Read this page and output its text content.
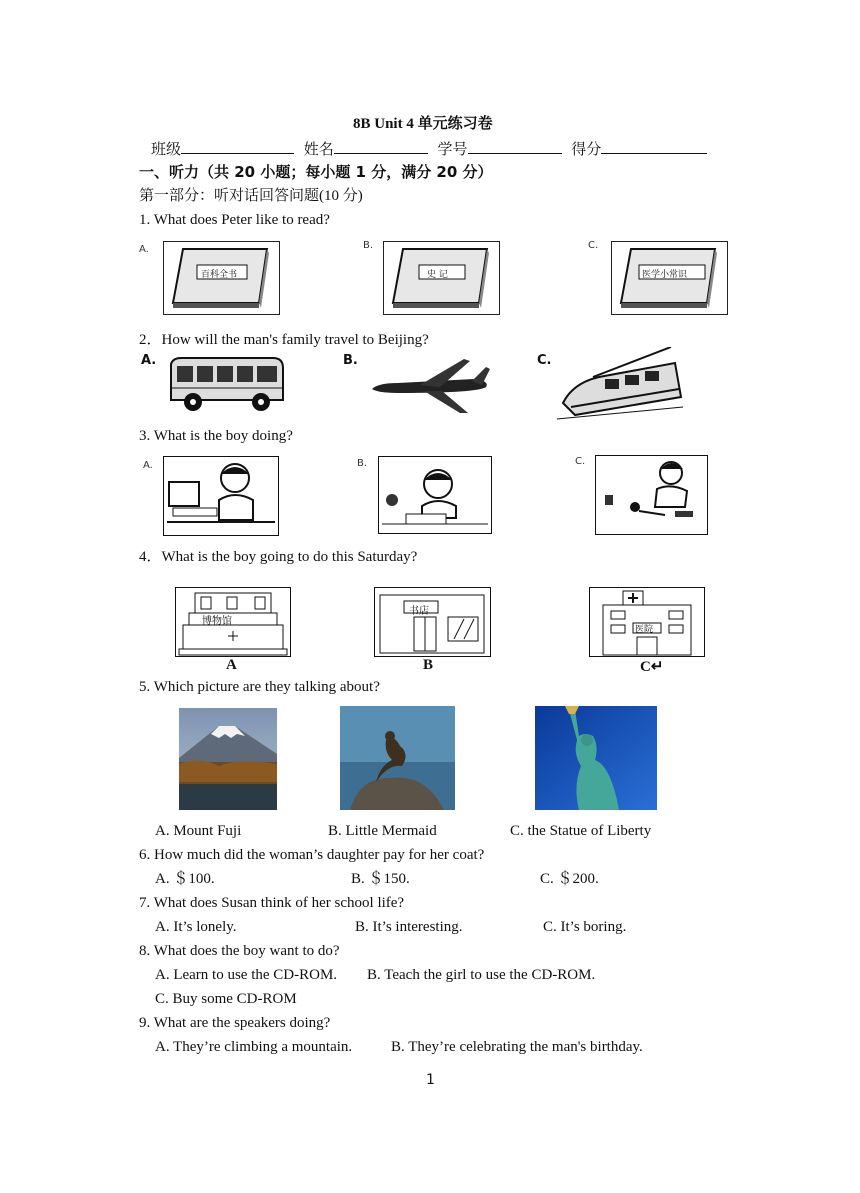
8B Unit 4 单元练习卷
班级	姓名	学号	得分
一、听力（共 20 小题；每小题 1 分，满分 20 分）
第一部分：听对话回答问题(10 分)
1. What does Peter like to read?
A.	B.	C.
百科全书	史 记	医学小常识
2．How will the man's family travel to Beijing?
A.	B.	C.
3. What is the boy doing?
A.	B.	C.
4．What is the boy going to do this Saturday?
博物馆
书店
医院
A	B	C↵
5. Which picture are they talking about?
A. Mount Fuji	B. Little Mermaid	C. the Statue of Liberty
6. How much did the woman’s daughter pay for her coat?
A. ＄100.	B. ＄150.	C. ＄200.
7. What does Susan think of her school life?
A. It’s lonely.	B. It’s interesting.	C. It’s boring.
8. What does the boy want to do?
A. Learn to use the CD-ROM. B. Teach the girl to use the CD-ROM.
C. Buy some CD-ROM
9. What are the speakers doing?
A. They’re climbing a mountain.	B. They’re celebrating the man's birthday.
1
